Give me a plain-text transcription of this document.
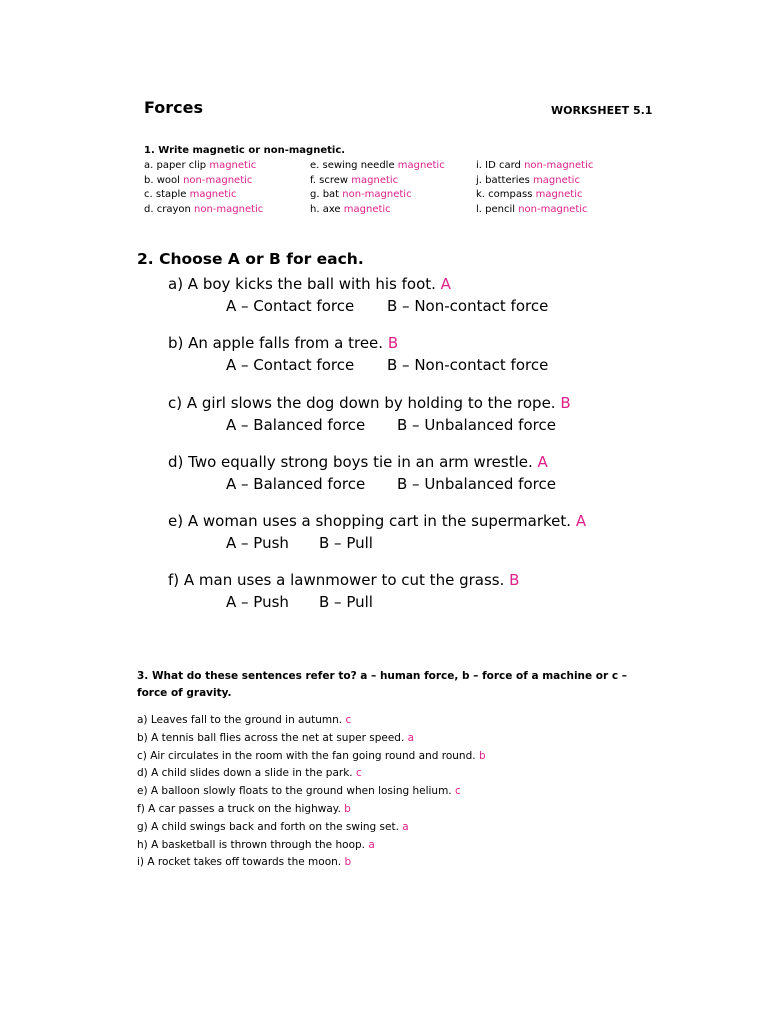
Forces	WORKSHEET 5.1
1. Write magnetic or non-magnetic.
a. paper clip magnetic
b. wool non-magnetic
c. staple magnetic
d. crayon non-magnetic
e. sewing needle magnetic
f. screw magnetic
g. bat non-magnetic
h. axe magnetic
i. ID card non-magnetic
j. batteries magnetic
k. compass magnetic
l. pencil non-magnetic
2. Choose A or B for each.
a) A boy kicks the ball with his foot. A
A – Contact force B – Non-contact force
b) An apple falls from a tree. B
A – Contact force B – Non-contact force
c) A girl slows the dog down by holding to the rope. B
A – Balanced force B – Unbalanced force
d) Two equally strong boys tie in an arm wrestle. A
A – Balanced force B – Unbalanced force
e) A woman uses a shopping cart in the supermarket. A
A – Push B – Pull
f) A man uses a lawnmower to cut the grass. B
A – Push B – Pull
3. What do these sentences refer to? a – human force, b – force of a machine or c – force of gravity.
a) Leaves fall to the ground in autumn. c
b) A tennis ball flies across the net at super speed. a
c) Air circulates in the room with the fan going round and round. b
d) A child slides down a slide in the park. c
e) A balloon slowly floats to the ground when losing helium. c
f) A car passes a truck on the highway. b
g) A child swings back and forth on the swing set. a
h) A basketball is thrown through the hoop. a
i) A rocket takes off towards the moon. b
